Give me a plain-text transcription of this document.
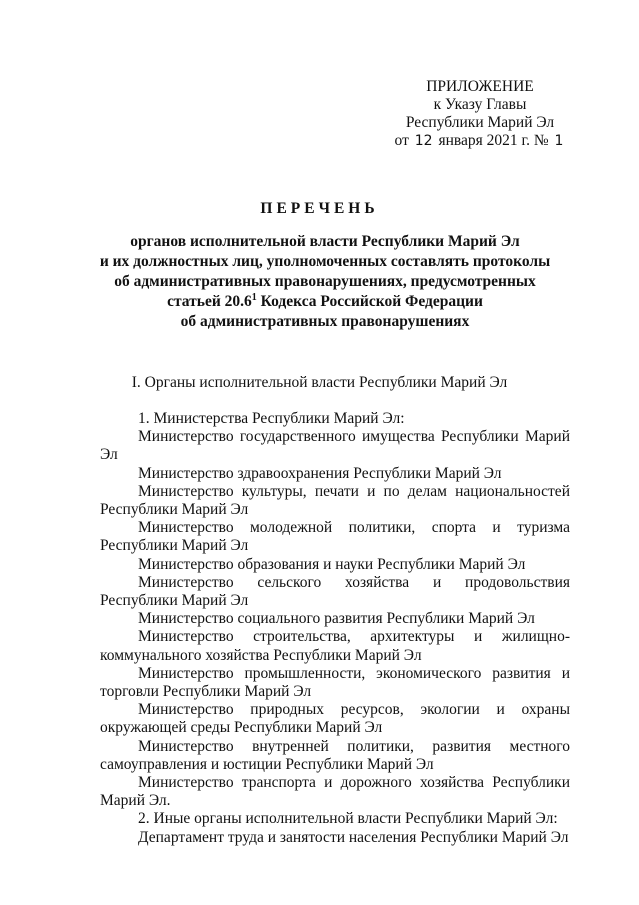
ПРИЛОЖЕНИЕ
к Указу Главы
Республики Марий Эл
от 12 января 2021 г. № 1
ПЕРЕЧЕНЬ
органов исполнительной власти Республики Марий Эл
и их должностных лиц, уполномоченных составлять протоколы
об административных правонарушениях, предусмотренных
статьей 20.6$^1$ Кодекса Российской Федерации
об административных правонарушениях
I. Органы исполнительной власти Республики Марий Эл

1. Министерства Республики Марий Эл:

Министерство государственного имущества Республики Марий Эл

Министерство здравоохранения Республики Марий Эл

Министерство культуры, печати и по делам национальностей Республики Марий Эл

Министерство молодежной политики, спорта и туризма Республики Марий Эл

Министерство образования и науки Республики Марий Эл

Министерство сельского хозяйства и продовольствия Республики Марий Эл

Министерство социального развития Республики Марий Эл

Министерство строительства, архитектуры и жилищно-коммунального хозяйства Республики Марий Эл

Министерство промышленности, экономического развития и торговли Республики Марий Эл

Министерство природных ресурсов, экологии и охраны окружающей среды Республики Марий Эл

Министерство внутренней политики, развития местного самоуправления и юстиции Республики Марий Эл

Министерство транспорта и дорожного хозяйства Республики Марий Эл.

2. Иные органы исполнительной власти Республики Марий Эл:

Департамент труда и занятости населения Республики Марий Эл
